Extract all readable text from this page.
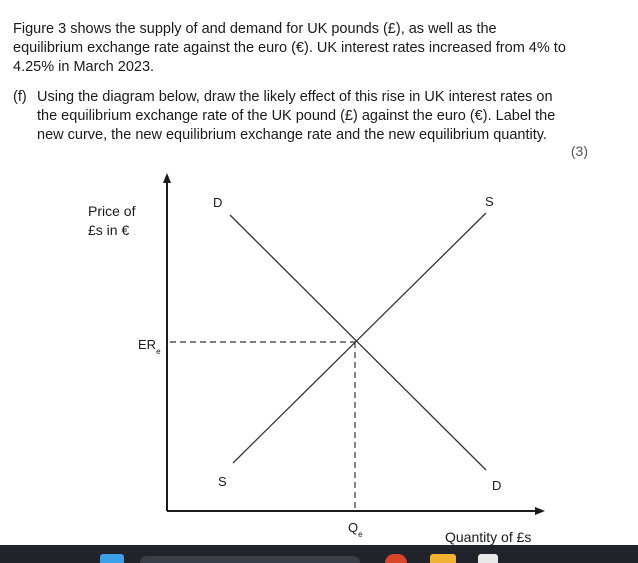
Figure 3 shows the supply of and demand for UK pounds (£), as well as the
equilibrium exchange rate against the euro (€). UK interest rates increased from 4% to
4.25% in March 2023.
(f) Using the diagram below, draw the likely effect of this rise in UK interest rates on
the equilibrium exchange rate of the UK pound (£) against the euro (€). Label the
new curve, the new equilibrium exchange rate and the new equilibrium quantity.
(3)
Price of
£s in €
Quantity of £s
D
D
S
S
$ER_e$
$Q_e$
